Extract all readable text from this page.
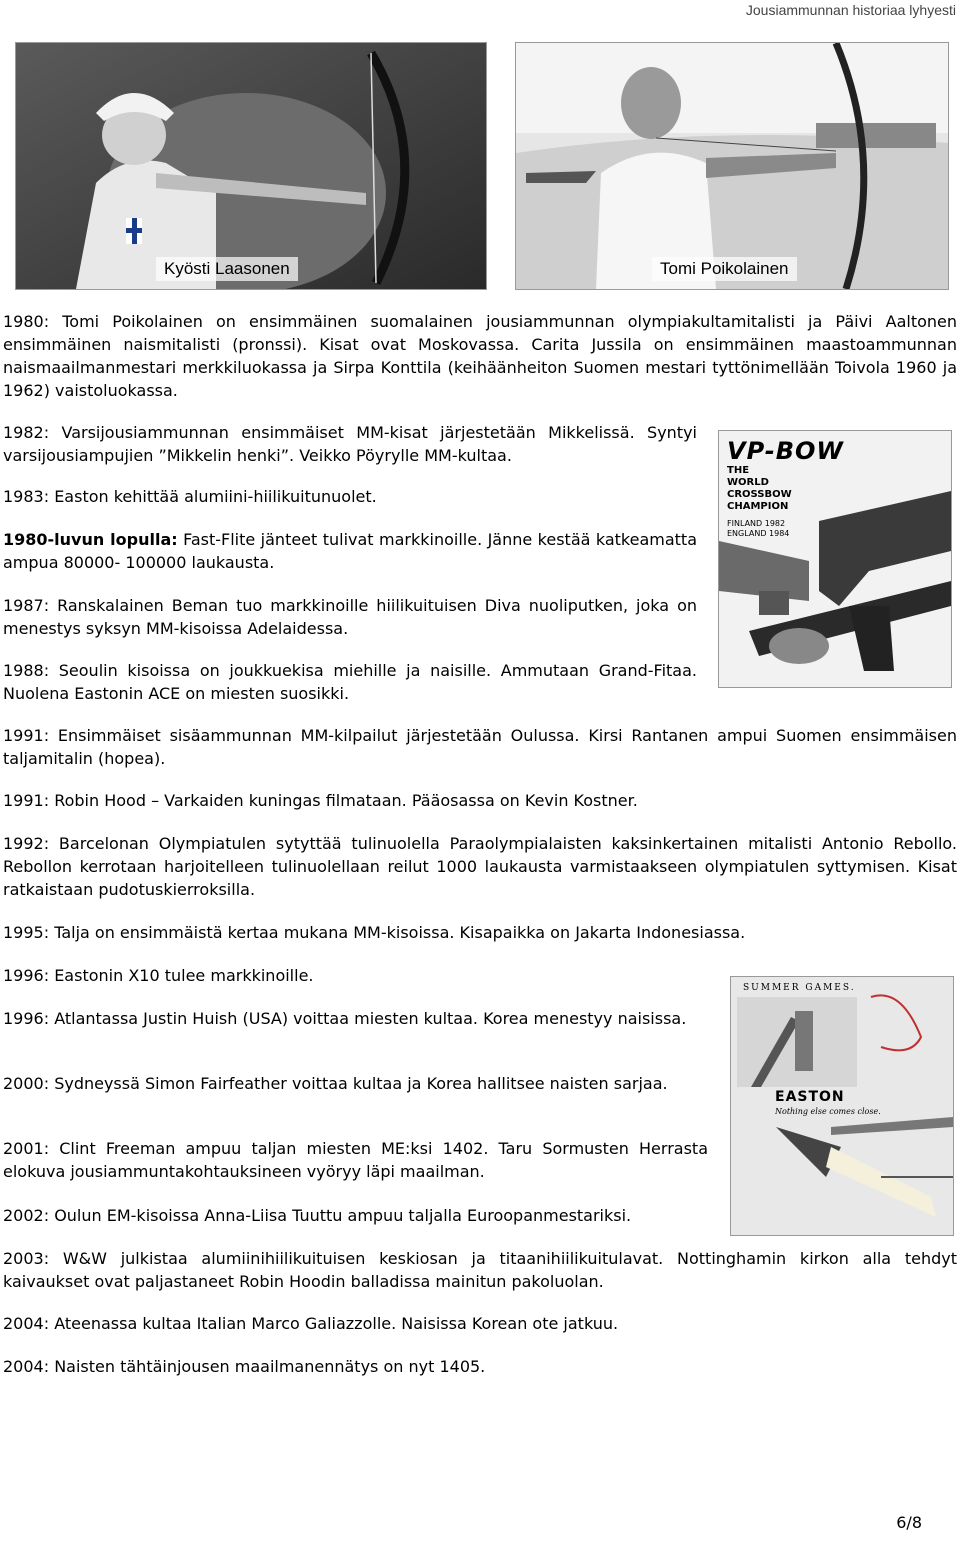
Jousiammunnan historiaa lyhyesti
Kyösti Laasonen	Tomi Poikolainen
VP-BOW
THE
WORLD
CROSSBOW
CHAMPION
FINLAND 1982
ENGLAND 1984
SUMMER GAMES.
EASTON
Nothing else comes close.
1980: Tomi Poikolainen on ensimmäinen suomalainen jousiammunnan olympiakultamitalisti ja Päivi Aaltonen ensimmäinen naismitalisti (pronssi). Kisat ovat Moskovassa. Carita Jussila on ensimmäinen maastoammunnan naismaailmanmestari merkkiluokassa ja Sirpa Konttila (keihäänheiton Suomen mestari tyttönimellään Toivola 1960 ja 1962) vaistoluokassa.
1982: Varsijousiammunnan ensimmäiset MM-kisat järjestetään Mikkelissä. Syntyi varsijousiampujien ”Mikkelin henki”. Veikko Pöyrylle MM-kultaa.
1983: Easton kehittää alumiini-hiilikuitunuolet.
1980-luvun lopulla: Fast-Flite jänteet tulivat markkinoille. Jänne kestää katkeamatta ampua 80000- 100000 laukausta.
1987: Ranskalainen Beman tuo markkinoille hiilikuituisen Diva nuoliputken, joka on menestys syksyn MM-kisoissa Adelaidessa.
1988: Seoulin kisoissa on joukkuekisa miehille ja naisille. Ammutaan Grand-Fitaa. Nuolena Eastonin ACE on miesten suosikki.
1991: Ensimmäiset sisäammunnan MM-kilpailut järjestetään Oulussa. Kirsi Rantanen ampui Suomen ensimmäisen taljamitalin (hopea).
1991: Robin Hood – Varkaiden kuningas filmataan. Pääosassa on Kevin Kostner.
1992: Barcelonan Olympiatulen sytyttää tulinuolella Paraolympialaisten kaksinkertainen mitalisti Antonio Rebollo. Rebollon kerrotaan harjoitelleen tulinuolellaan reilut 1000 laukausta varmistaakseen olympiatulen syttymisen. Kisat ratkaistaan pudotuskierroksilla.
1995: Talja on ensimmäistä kertaa mukana MM-kisoissa. Kisapaikka on Jakarta Indonesiassa.
1996: Eastonin X10 tulee markkinoille.
1996: Atlantassa Justin Huish (USA) voittaa miesten kultaa. Korea menestyy naisissa.
2000: Sydneyssä Simon Fairfeather voittaa kultaa ja Korea hallitsee naisten sarjaa.
2001: Clint Freeman ampuu taljan miesten ME:ksi 1402. Taru Sormusten Herrasta elokuva jousiammuntakohtauksineen vyöryy läpi maailman.
2002: Oulun EM-kisoissa Anna-Liisa Tuuttu ampuu taljalla Euroopanmestariksi.
2003: W&W julkistaa alumiinihiilikuituisen keskiosan ja titaanihiilikuitulavat. Nottinghamin kirkon alla tehdyt kaivaukset ovat paljastaneet Robin Hoodin balladissa mainitun pakoluolan.
2004: Ateenassa kultaa Italian Marco Galiazzolle. Naisissa Korean ote jatkuu.
2004: Naisten tähtäinjousen maailmanennätys on nyt 1405.
6/8
